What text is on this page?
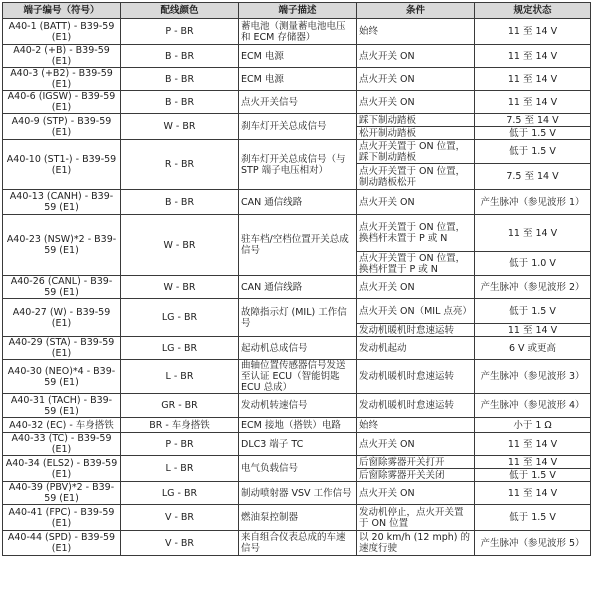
端子编号（符号）	配线颜色	端子描述	条件	规定状态
A40-1 (BATT) - B39-59 (E1)	P - BR	蓄电池（测量蓄电池电压和 ECM 存储器）	始终	11 至 14 V
A40-2 (+B) - B39-59 (E1)	B - BR	ECM 电源	点火开关 ON	11 至 14 V
A40-3 (+B2) - B39-59 (E1)	B - BR	ECM 电源	点火开关 ON	11 至 14 V
A40-6 (IGSW) - B39-59 (E1)	B - BR	点火开关信号	点火开关 ON	11 至 14 V
A40-9 (STP) - B39-59 (E1)	W - BR	刹车灯开关总成信号	踩下制动踏板	7.5 至 14 V
			松开制动踏板	低于 1.5 V
A40-10 (ST1-) - B39-59 (E1)	R - BR	刹车灯开关总成信号（与 STP 端子电压相对）	点火开关置于 ON 位置，踩下制动踏板	低于 1.5 V
			点火开关置于 ON 位置，制动踏板松开	7.5 至 14 V
A40-13 (CANH) - B39-59 (E1)	B - BR	CAN 通信线路	点火开关 ON	产生脉冲（参见波形 1）
A40-23 (NSW)*2 - B39-59 (E1)	W - BR	驻车档/空档位置开关总成信号	点火开关置于 ON 位置，换档杆未置于 P 或 N	11 至 14 V
			点火开关置于 ON 位置，换档杆置于 P 或 N	低于 1.0 V
A40-26 (CANL) - B39-59 (E1)	W - BR	CAN 通信线路	点火开关 ON	产生脉冲（参见波形 2）
A40-27 (W) - B39-59 (E1)	LG - BR	故障指示灯 (MIL) 工作信号	点火开关 ON（MIL 点亮）	低于 1.5 V
			发动机暖机时怠速运转	11 至 14 V
A40-29 (STA) - B39-59 (E1)	LG - BR	起动机总成信号	发动机起动	6 V 或更高
A40-30 (NEO)*4 - B39-59 (E1)	L - BR	曲轴位置传感器信号发送至认证 ECU（智能钥匙 ECU 总成）	发动机暖机时怠速运转	产生脉冲（参见波形 3）
A40-31 (TACH) - B39-59 (E1)	GR - BR	发动机转速信号	发动机暖机时怠速运转	产生脉冲（参见波形 4）
A40-32 (EC) - 车身搭铁	BR - 车身搭铁	ECM 接地（搭铁）电路	始终	小于 1 Ω
A40-33 (TC) - B39-59 (E1)	P - BR	DLC3 端子 TC	点火开关 ON	11 至 14 V
A40-34 (ELS2) - B39-59 (E1)	L - BR	电气负载信号	后窗除雾器开关打开	11 至 14 V
			后窗除雾器开关关闭	低于 1.5 V
A40-39 (PBV)*2 - B39-59 (E1)	LG - BR	制动喷射器 VSV 工作信号	点火开关 ON	11 至 14 V
A40-41 (FPC) - B39-59 (E1)	V - BR	燃油泵控制器	发动机停止，点火开关置于 ON 位置	低于 1.5 V
A40-44 (SPD) - B39-59 (E1)	V - BR	来自组合仪表总成的车速信号	以 20 km/h (12 mph) 的速度行驶	产生脉冲（参见波形 5）
